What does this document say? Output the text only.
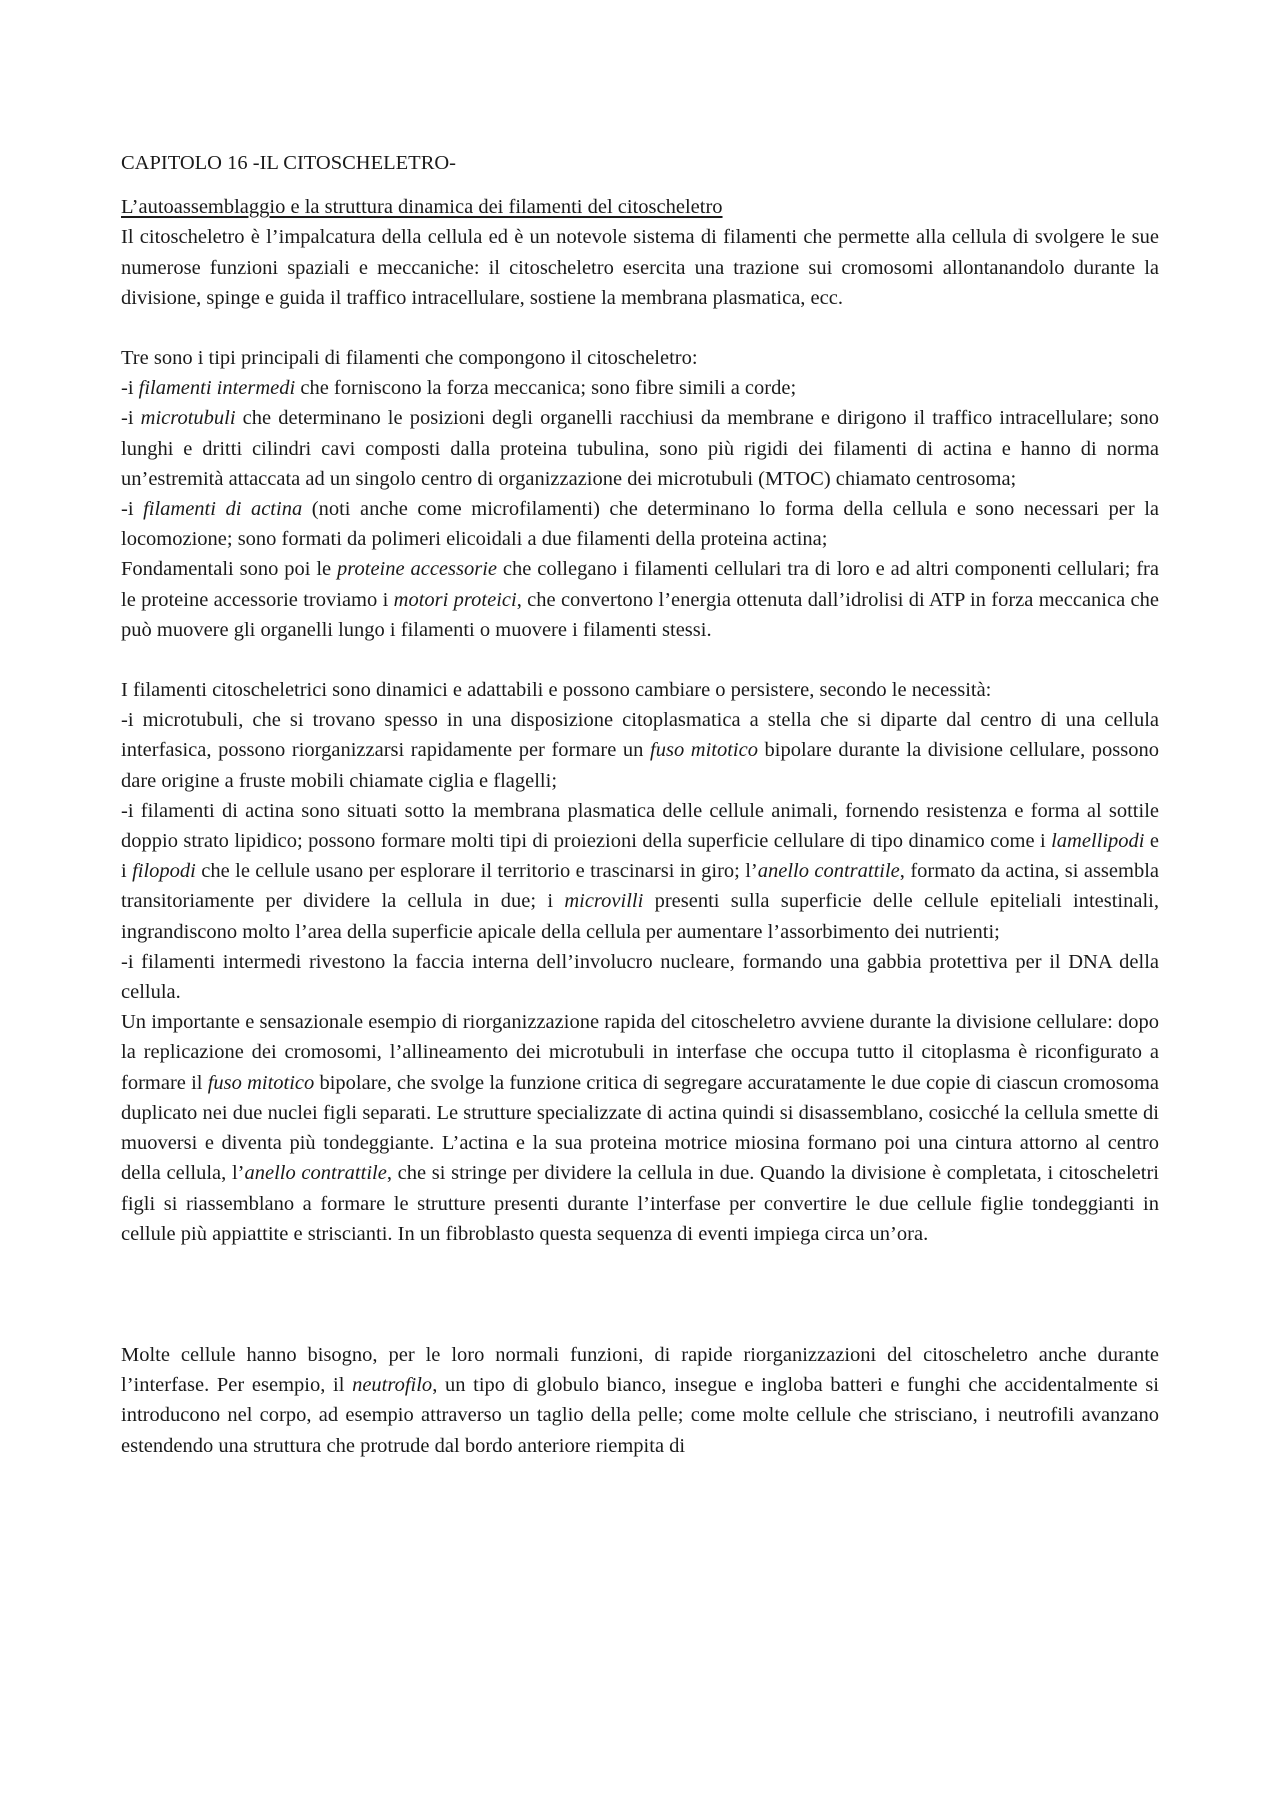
CAPITOLO 16 -IL CITOSCHELETRO-
L’autoassemblaggio e la struttura dinamica dei filamenti del citoscheletro

Il citoscheletro è l’impalcatura della cellula ed è un notevole sistema di filamenti che permette alla cellula di svolgere le sue numerose funzioni spaziali e meccaniche: il citoscheletro esercita una trazione sui cromosomi allontanandolo durante la divisione, spinge e guida il traffico intracellulare, sostiene la membrana plasmatica, ecc.

Tre sono i tipi principali di filamenti che compongono il citoscheletro:

-i filamenti intermedi che forniscono la forza meccanica; sono fibre simili a corde;

-i microtubuli che determinano le posizioni degli organelli racchiusi da membrane e dirigono il traffico intracellulare; sono lunghi e dritti cilindri cavi composti dalla proteina tubulina, sono più rigidi dei filamenti di actina e hanno di norma un’estremità attaccata ad un singolo centro di organizzazione dei microtubuli (MTOC) chiamato centrosoma;

-i filamenti di actina (noti anche come microfilamenti) che determinano lo forma della cellula e sono necessari per la locomozione; sono formati da polimeri elicoidali a due filamenti della proteina actina;

Fondamentali sono poi le proteine accessorie che collegano i filamenti cellulari tra di loro e ad altri componenti cellulari; fra le proteine accessorie troviamo i motori proteici, che convertono l’energia ottenuta dall’idrolisi di ATP in forza meccanica che può muovere gli organelli lungo i filamenti o muovere i filamenti stessi.

I filamenti citoscheletrici sono dinamici e adattabili e possono cambiare o persistere, secondo le necessità:

-i microtubuli, che si trovano spesso in una disposizione citoplasmatica a stella che si diparte dal centro di una cellula interfasica, possono riorganizzarsi rapidamente per formare un fuso mitotico bipolare durante la divisione cellulare, possono dare origine a fruste mobili chiamate ciglia e flagelli;

-i filamenti di actina sono situati sotto la membrana plasmatica delle cellule animali, fornendo resistenza e forma al sottile doppio strato lipidico; possono formare molti tipi di proiezioni della superficie cellulare di tipo dinamico come i lamellipodi e i filopodi che le cellule usano per esplorare il territorio e trascinarsi in giro; l’anello contrattile, formato da actina, si assembla transitoriamente per dividere la cellula in due; i microvilli presenti sulla superficie delle cellule epiteliali intestinali, ingrandiscono molto l’area della superficie apicale della cellula per aumentare l’assorbimento dei nutrienti;

-i filamenti intermedi rivestono la faccia interna dell’involucro nucleare, formando una gabbia protettiva per il DNA della cellula.

Un importante e sensazionale esempio di riorganizzazione rapida del citoscheletro avviene durante la divisione cellulare: dopo la replicazione dei cromosomi, l’allineamento dei microtubuli in interfase che occupa tutto il citoplasma è riconfigurato a formare il fuso mitotico bipolare, che svolge la funzione critica di segregare accuratamente le due copie di ciascun cromosoma duplicato nei due nuclei figli separati. Le strutture specializzate di actina quindi si disassemblano, cosicché la cellula smette di muoversi e diventa più tondeggiante. L’actina e la sua proteina motrice miosina formano poi una cintura attorno al centro della cellula, l’anello contrattile, che si stringe per dividere la cellula in due. Quando la divisione è completata, i citoscheletri figli si riassemblano a formare le strutture presenti durante l’interfase per convertire le due cellule figlie tondeggianti in cellule più appiattite e striscianti. In un fibroblasto questa sequenza di eventi impiega circa un’ora.

Molte cellule hanno bisogno, per le loro normali funzioni, di rapide riorganizzazioni del citoscheletro anche durante l’interfase. Per esempio, il neutrofilo, un tipo di globulo bianco, insegue e ingloba batteri e funghi che accidentalmente si introducono nel corpo, ad esempio attraverso un taglio della pelle; come molte cellule che strisciano, i neutrofili avanzano estendendo una struttura che protrude dal bordo anteriore riempita di
